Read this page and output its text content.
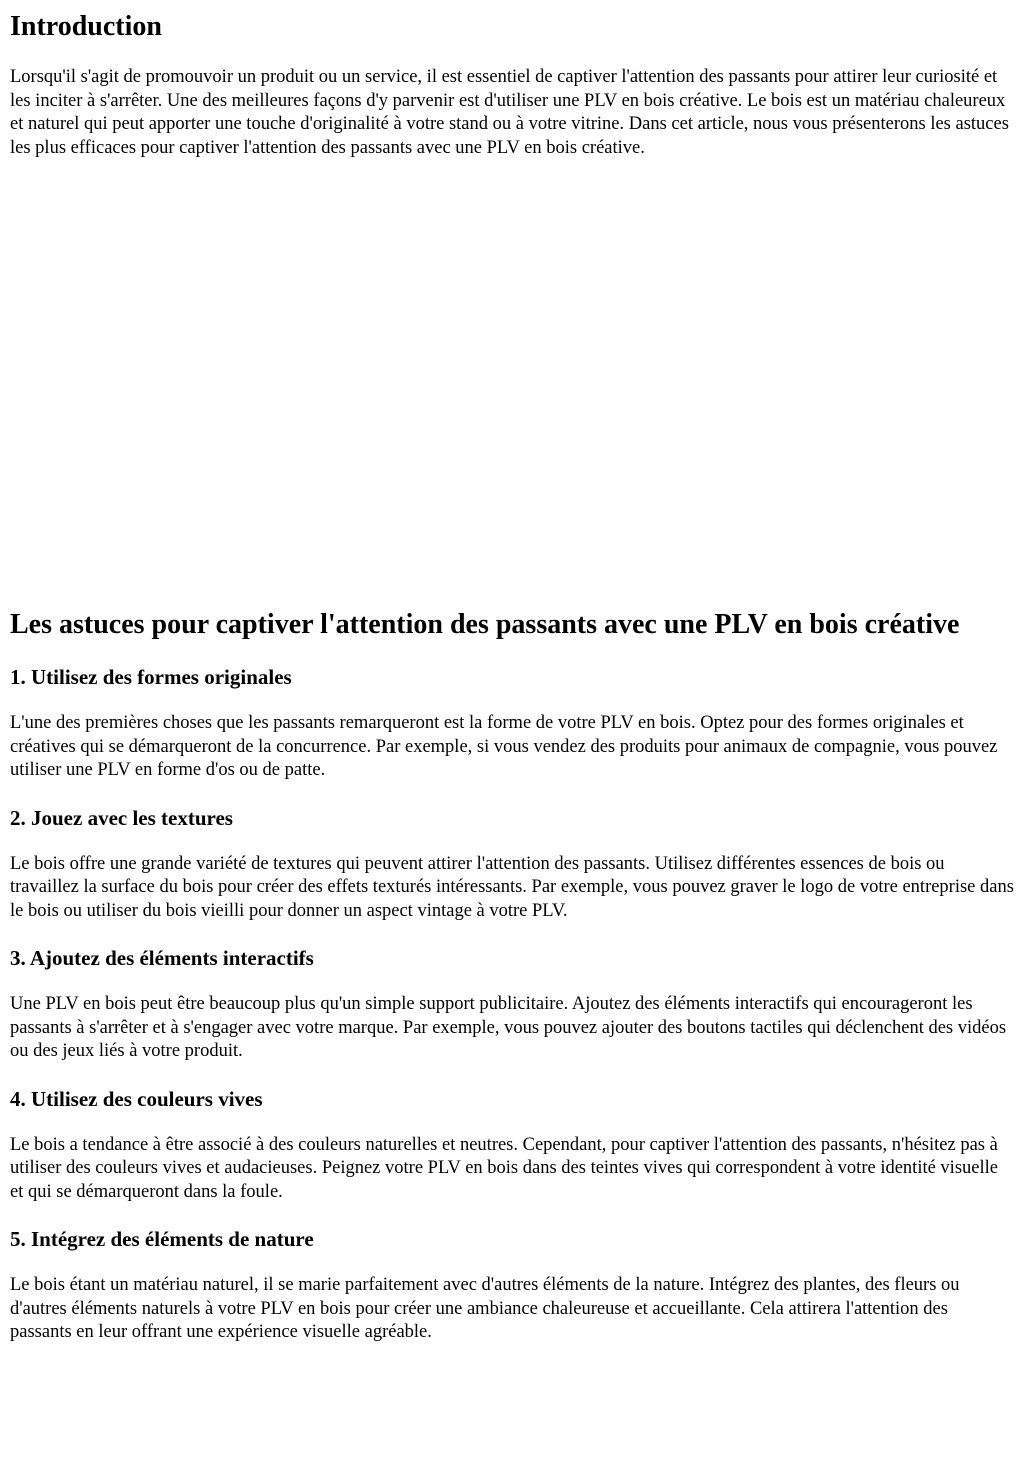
Introduction

Lorsqu'il s'agit de promouvoir un produit ou un service, il est essentiel de captiver l'attention des passants pour attirer leur curiosité et les inciter à s'arrêter. Une des meilleures façons d'y parvenir est d'utiliser une PLV en bois créative. Le bois est un matériau chaleureux et naturel qui peut apporter une touche d'originalité à votre stand ou à votre vitrine. Dans cet article, nous vous présenterons les astuces les plus efficaces pour captiver l'attention des passants avec une PLV en bois créative.

Les astuces pour captiver l'attention des passants avec une PLV en bois créative
1. Utilisez des formes originales

L'une des premières choses que les passants remarqueront est la forme de votre PLV en bois. Optez pour des formes originales et créatives qui se démarqueront de la concurrence. Par exemple, si vous vendez des produits pour animaux de compagnie, vous pouvez utiliser une PLV en forme d'os ou de patte.

2. Jouez avec les textures

Le bois offre une grande variété de textures qui peuvent attirer l'attention des passants. Utilisez différentes essences de bois ou travaillez la surface du bois pour créer des effets texturés intéressants. Par exemple, vous pouvez graver le logo de votre entreprise dans le bois ou utiliser du bois vieilli pour donner un aspect vintage à votre PLV.

3. Ajoutez des éléments interactifs

Une PLV en bois peut être beaucoup plus qu'un simple support publicitaire. Ajoutez des éléments interactifs qui encourageront les passants à s'arrêter et à s'engager avec votre marque. Par exemple, vous pouvez ajouter des boutons tactiles qui déclenchent des vidéos ou des jeux liés à votre produit.

4. Utilisez des couleurs vives

Le bois a tendance à être associé à des couleurs naturelles et neutres. Cependant, pour captiver l'attention des passants, n'hésitez pas à utiliser des couleurs vives et audacieuses. Peignez votre PLV en bois dans des teintes vives qui correspondent à votre identité visuelle et qui se démarqueront dans la foule.

5. Intégrez des éléments de nature

Le bois étant un matériau naturel, il se marie parfaitement avec d'autres éléments de la nature. Intégrez des plantes, des fleurs ou d'autres éléments naturels à votre PLV en bois pour créer une ambiance chaleureuse et accueillante. Cela attirera l'attention des passants en leur offrant une expérience visuelle agréable.
